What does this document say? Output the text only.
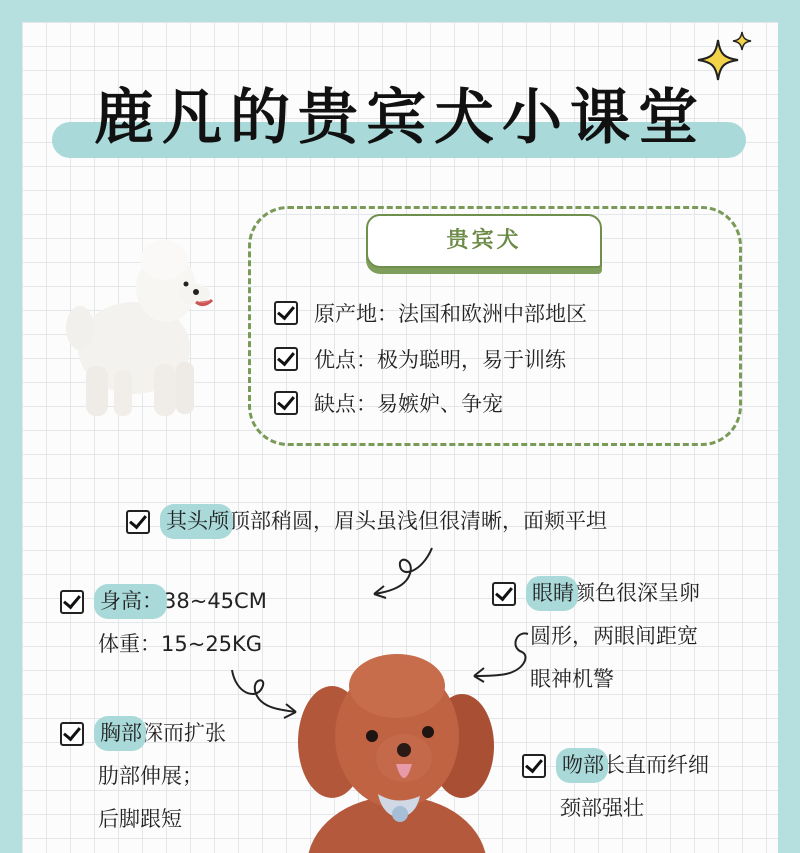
鹿凡的贵宾犬小课堂
贵宾犬
原产地：法国和欧洲中部地区
优点：极为聪明，易于训练
缺点：易嫉妒、争宠
其头颅 顶部稍圆，眉头虽浅但很清晰，面颊平坦
身高： 38~45CM
体重：15~25KG
眼睛 颜色很深呈卵
圆形，两眼间距宽
眼神机警
胸部 深而扩张
肋部伸展；
后脚跟短
吻部 长直而纤细
颈部强壮
